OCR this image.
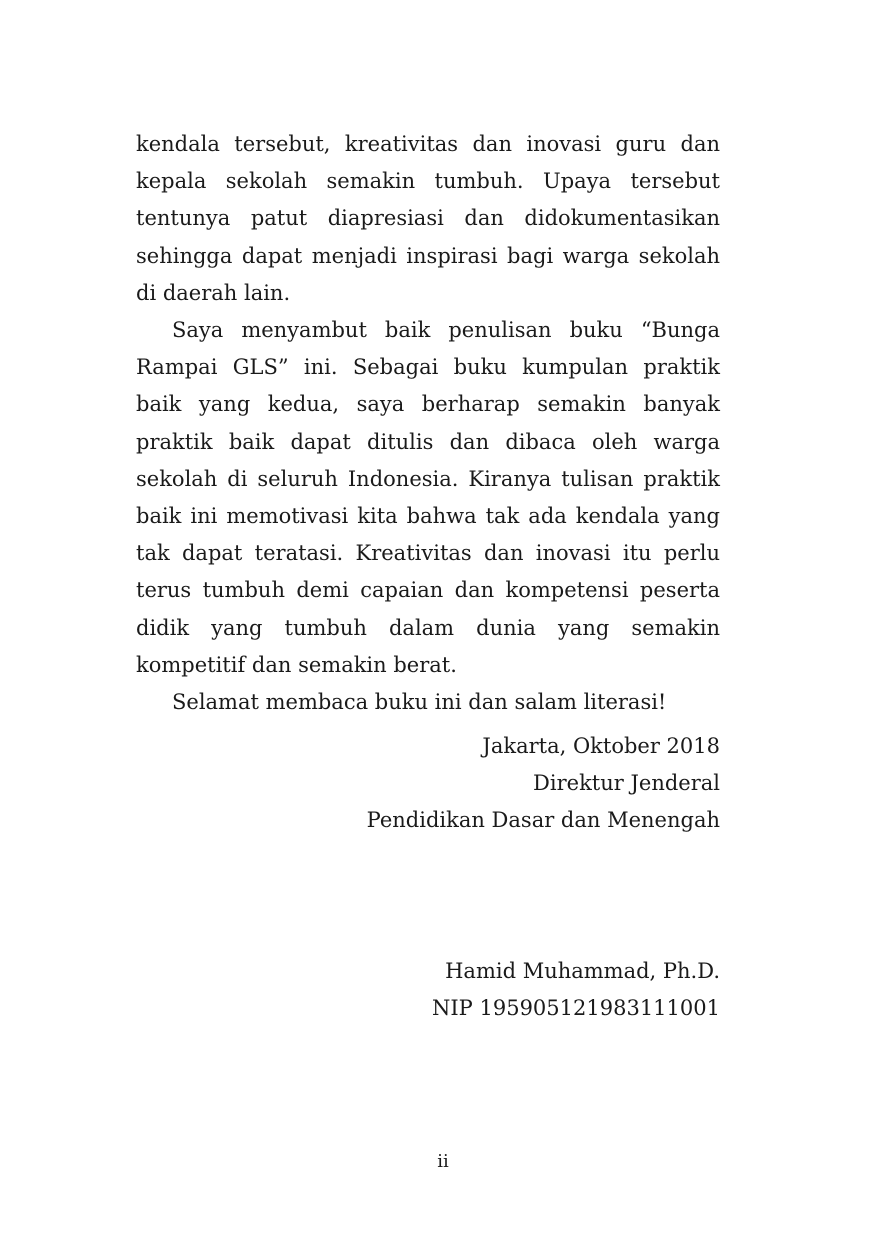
kendala tersebut, kreativitas dan inovasi guru dan kepala sekolah semakin tumbuh. Upaya tersebut tentunya patut diapresiasi dan didokumentasikan sehingga dapat menjadi inspirasi bagi warga sekolah di daerah lain.

Saya menyambut baik penulisan buku “Bunga Rampai GLS” ini. Sebagai buku kumpulan praktik baik yang kedua, saya berharap semakin banyak praktik baik dapat ditulis dan dibaca oleh warga sekolah di seluruh Indonesia. Kiranya tulisan praktik baik ini memotivasi kita bahwa tak ada kendala yang tak dapat teratasi. Kreativitas dan inovasi itu perlu terus tumbuh demi capaian dan kompetensi peserta didik yang tumbuh dalam dunia yang semakin kompetitif dan semakin berat.

Selamat membaca buku ini dan salam literasi!

Jakarta, Oktober 2018
Direktur Jenderal
Pendidikan Dasar dan Menengah
Hamid Muhammad, Ph.D.
NIP 195905121983111001
ii
